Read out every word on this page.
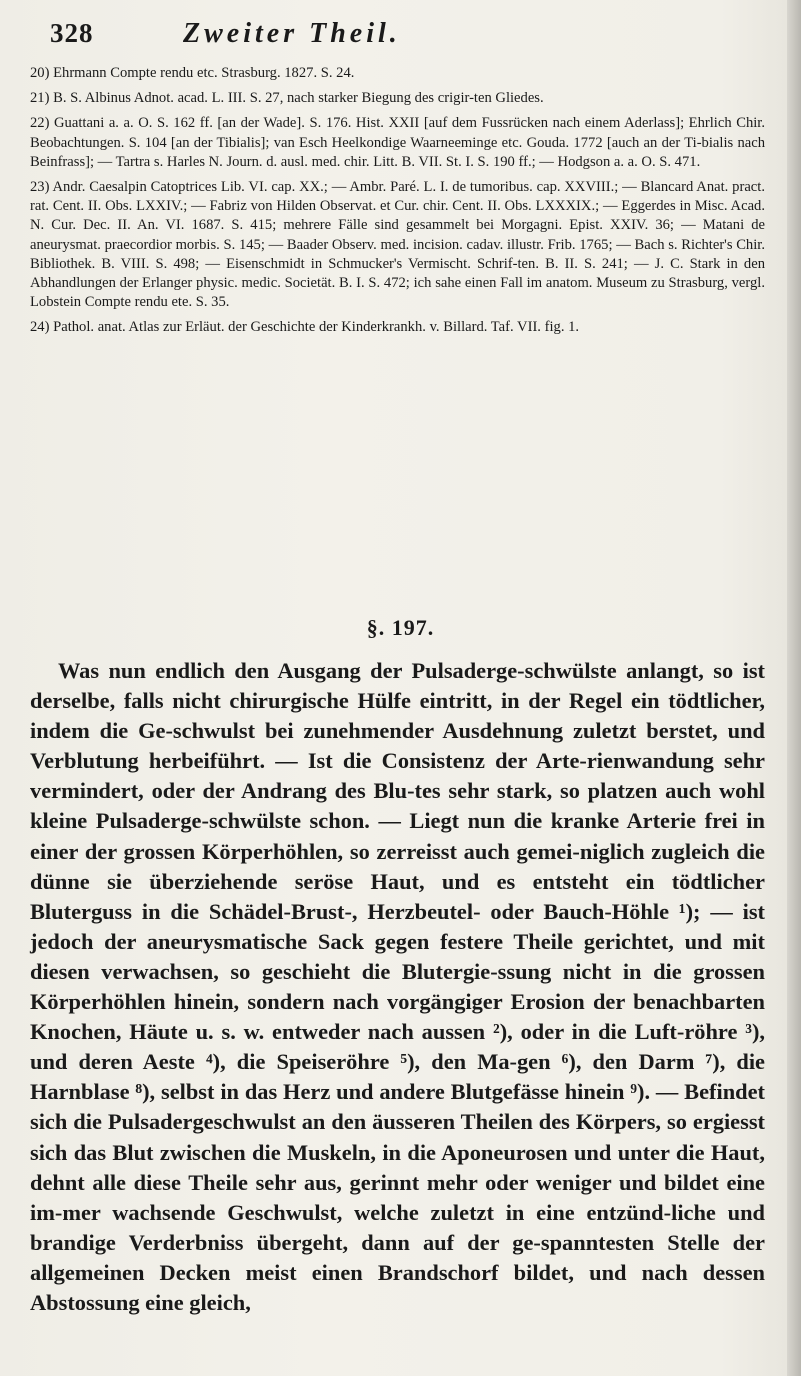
328	Zweiter Theil.

20) Ehrmann Compte rendu etc. Strasburg. 1827. S. 24.

21) B. S. Albinus Adnot. acad. L. III. S. 27, nach starker Biegung des crigir-ten Gliedes.

22) Guattani a. a. O. S. 162 ff. [an der Wade]. S. 176. Hist. XXII [auf dem Fussrücken nach einem Aderlass]; Ehrlich Chir. Beobachtungen. S. 104 [an der Tibialis]; van Esch Heelkondige Waarneeminge etc. Gouda. 1772 [auch an der Ti-bialis nach Beinfrass]; — Tartra s. Harles N. Journ. d. ausl. med. chir. Litt. B. VII. St. I. S. 190 ff.; — Hodgson a. a. O. S. 471.

23) Andr. Caesalpin Catoptrices Lib. VI. cap. XX.; — Ambr. Paré. L. I. de tumoribus. cap. XXVIII.; — Blancard Anat. pract. rat. Cent. II. Obs. LXXIV.; — Fabriz von Hilden Observat. et Cur. chir. Cent. II. Obs. LXXXIX.; — Eggerdes in Misc. Acad. N. Cur. Dec. II. An. VI. 1687. S. 415; mehrere Fälle sind gesammelt bei Morgagni. Epist. XXIV. 36; — Matani de aneurysmat. praecordior morbis. S. 145; — Baader Observ. med. incision. cadav. illustr. Frib. 1765; — Bach s. Richter's Chir. Bibliothek. B. VIII. S. 498; — Eisenschmidt in Schmucker's Vermischt. Schrif-ten. B. II. S. 241; — J. C. Stark in den Abhandlungen der Erlanger physic. medic. Societät. B. I. S. 472; ich sahe einen Fall im anatom. Museum zu Strasburg, vergl. Lobstein Compte rendu ete. S. 35.

24) Pathol. anat. Atlas zur Erläut. der Geschichte der Kinderkrankh. v. Billard. Taf. VII. fig. 1.

§. 197.

Was nun endlich den Ausgang der Pulsaderge-schwülste anlangt, so ist derselbe, falls nicht chirurgische Hülfe eintritt, in der Regel ein tödtlicher, indem die Ge-schwulst bei zunehmender Ausdehnung zuletzt berstet, und Verblutung herbeiführt. — Ist die Consistenz der Arte-rienwandung sehr vermindert, oder der Andrang des Blu-tes sehr stark, so platzen auch wohl kleine Pulsaderge-schwülste schon. — Liegt nun die kranke Arterie frei in einer der grossen Körperhöhlen, so zerreisst auch gemei-niglich zugleich die dünne sie überziehende seröse Haut, und es entsteht ein tödtlicher Bluterguss in die Schädel-Brust-, Herzbeutel- oder Bauch-Höhle ¹); — ist jedoch der aneurysmatische Sack gegen festere Theile gerichtet, und mit diesen verwachsen, so geschieht die Blutergie-ssung nicht in die grossen Körperhöhlen hinein, sondern nach vorgängiger Erosion der benachbarten Knochen, Häute u. s. w. entweder nach aussen ²), oder in die Luft-röhre ³), und deren Aeste ⁴), die Speiseröhre ⁵), den Ma-gen ⁶), den Darm ⁷), die Harnblase ⁸), selbst in das Herz und andere Blutgefässe hinein ⁹). — Befindet sich die Pulsadergeschwulst an den äusseren Theilen des Körpers, so ergiesst sich das Blut zwischen die Muskeln, in die Aponeurosen und unter die Haut, dehnt alle diese Theile sehr aus, gerinnt mehr oder weniger und bildet eine im-mer wachsende Geschwulst, welche zuletzt in eine entzünd-liche und brandige Verderbniss übergeht, dann auf der ge-spanntesten Stelle der allgemeinen Decken meist einen Brandschorf bildet, und nach dessen Abstossung eine gleich,
